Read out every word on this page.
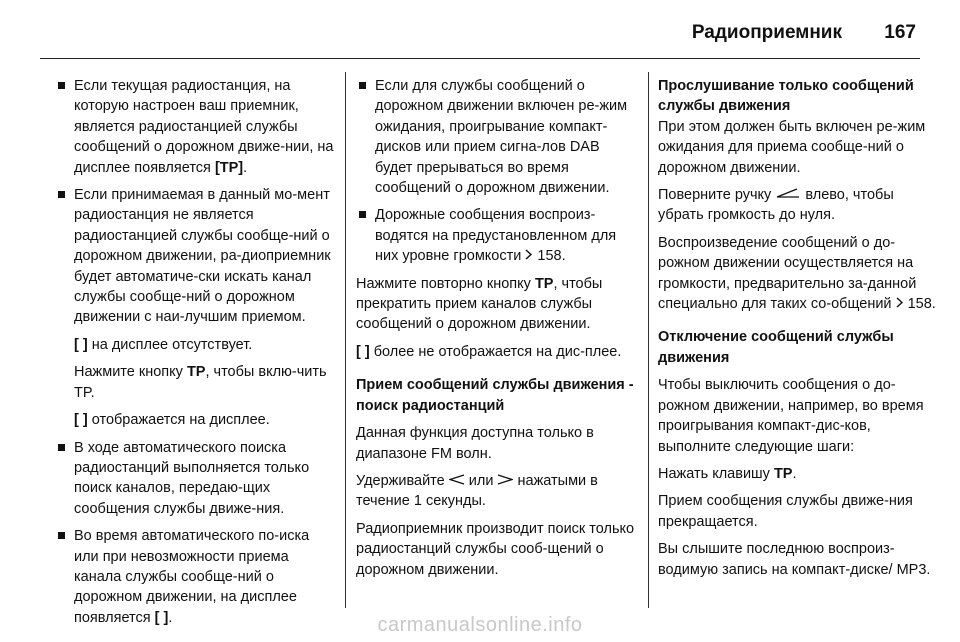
Радиоприемник 167
Если текущая радиостанция, на которую настроен ваш приемник, является радиостанцией службы сообщений о дорожном движе-нии, на дисплее появляется [TP].
Если принимаемая в данный мо-мент радиостанция не является радиостанцией службы сообще-ний о дорожном движении, ра-диоприемник будет автоматиче-ски искать канал службы сообще-ний о дорожном движении с наи-лучшим приемом.
[ ] на дисплее отсутствует.
Нажмите кнопку TP, чтобы вклю-чить TP.
[ ] отображается на дисплее.
В ходе автоматического поиска радиостанций выполняется только поиск каналов, передаю-щих сообщения службы движе-ния.
Во время автоматического по-иска или при невозможности приема канала службы сообще-ний о дорожном движении, на дисплее появляется [ ].
Если для службы сообщений о дорожном движении включен ре-жим ожидания, проигрывание компакт-дисков или прием сигна-лов DAB будет прерываться во время сообщений о дорожном движении.
Дорожные сообщения воспроиз-водятся на предустановленном для них уровне громкости  158.
Нажмите повторно кнопку TP, чтобы прекратить прием каналов службы сообщений о дорожном движении.
[ ] более не отображается на дис-плее.
Прием сообщений службы движения - поиск радиостанций
Данная функция доступна только в диапазоне FM волн.
Удерживайте  или  нажатыми в течение 1 секунды.
Радиоприемник производит поиск только радиостанций службы сооб-щений о дорожном движении.
Прослушивание только сообщений службы движения
При этом должен быть включен ре-жим ожидания для приема сообще-ний о дорожном движении.
Поверните ручку  влево, чтобы убрать громкость до нуля.
Воспроизведение сообщений о до-рожном движении осуществляется на громкости, предварительно за-данной специально для таких со-общений  158.
Отключение сообщений службы движения
Чтобы выключить сообщения о до-рожном движении, например, во время проигрывания компакт-дис-ков, выполните следующие шаги:
Нажать клавишу TP.
Прием сообщения службы движе-ния прекращается.
Вы слышите последнюю воспроиз-водимую запись на компакт-диске/ MP3.
carmanualsonline.info
